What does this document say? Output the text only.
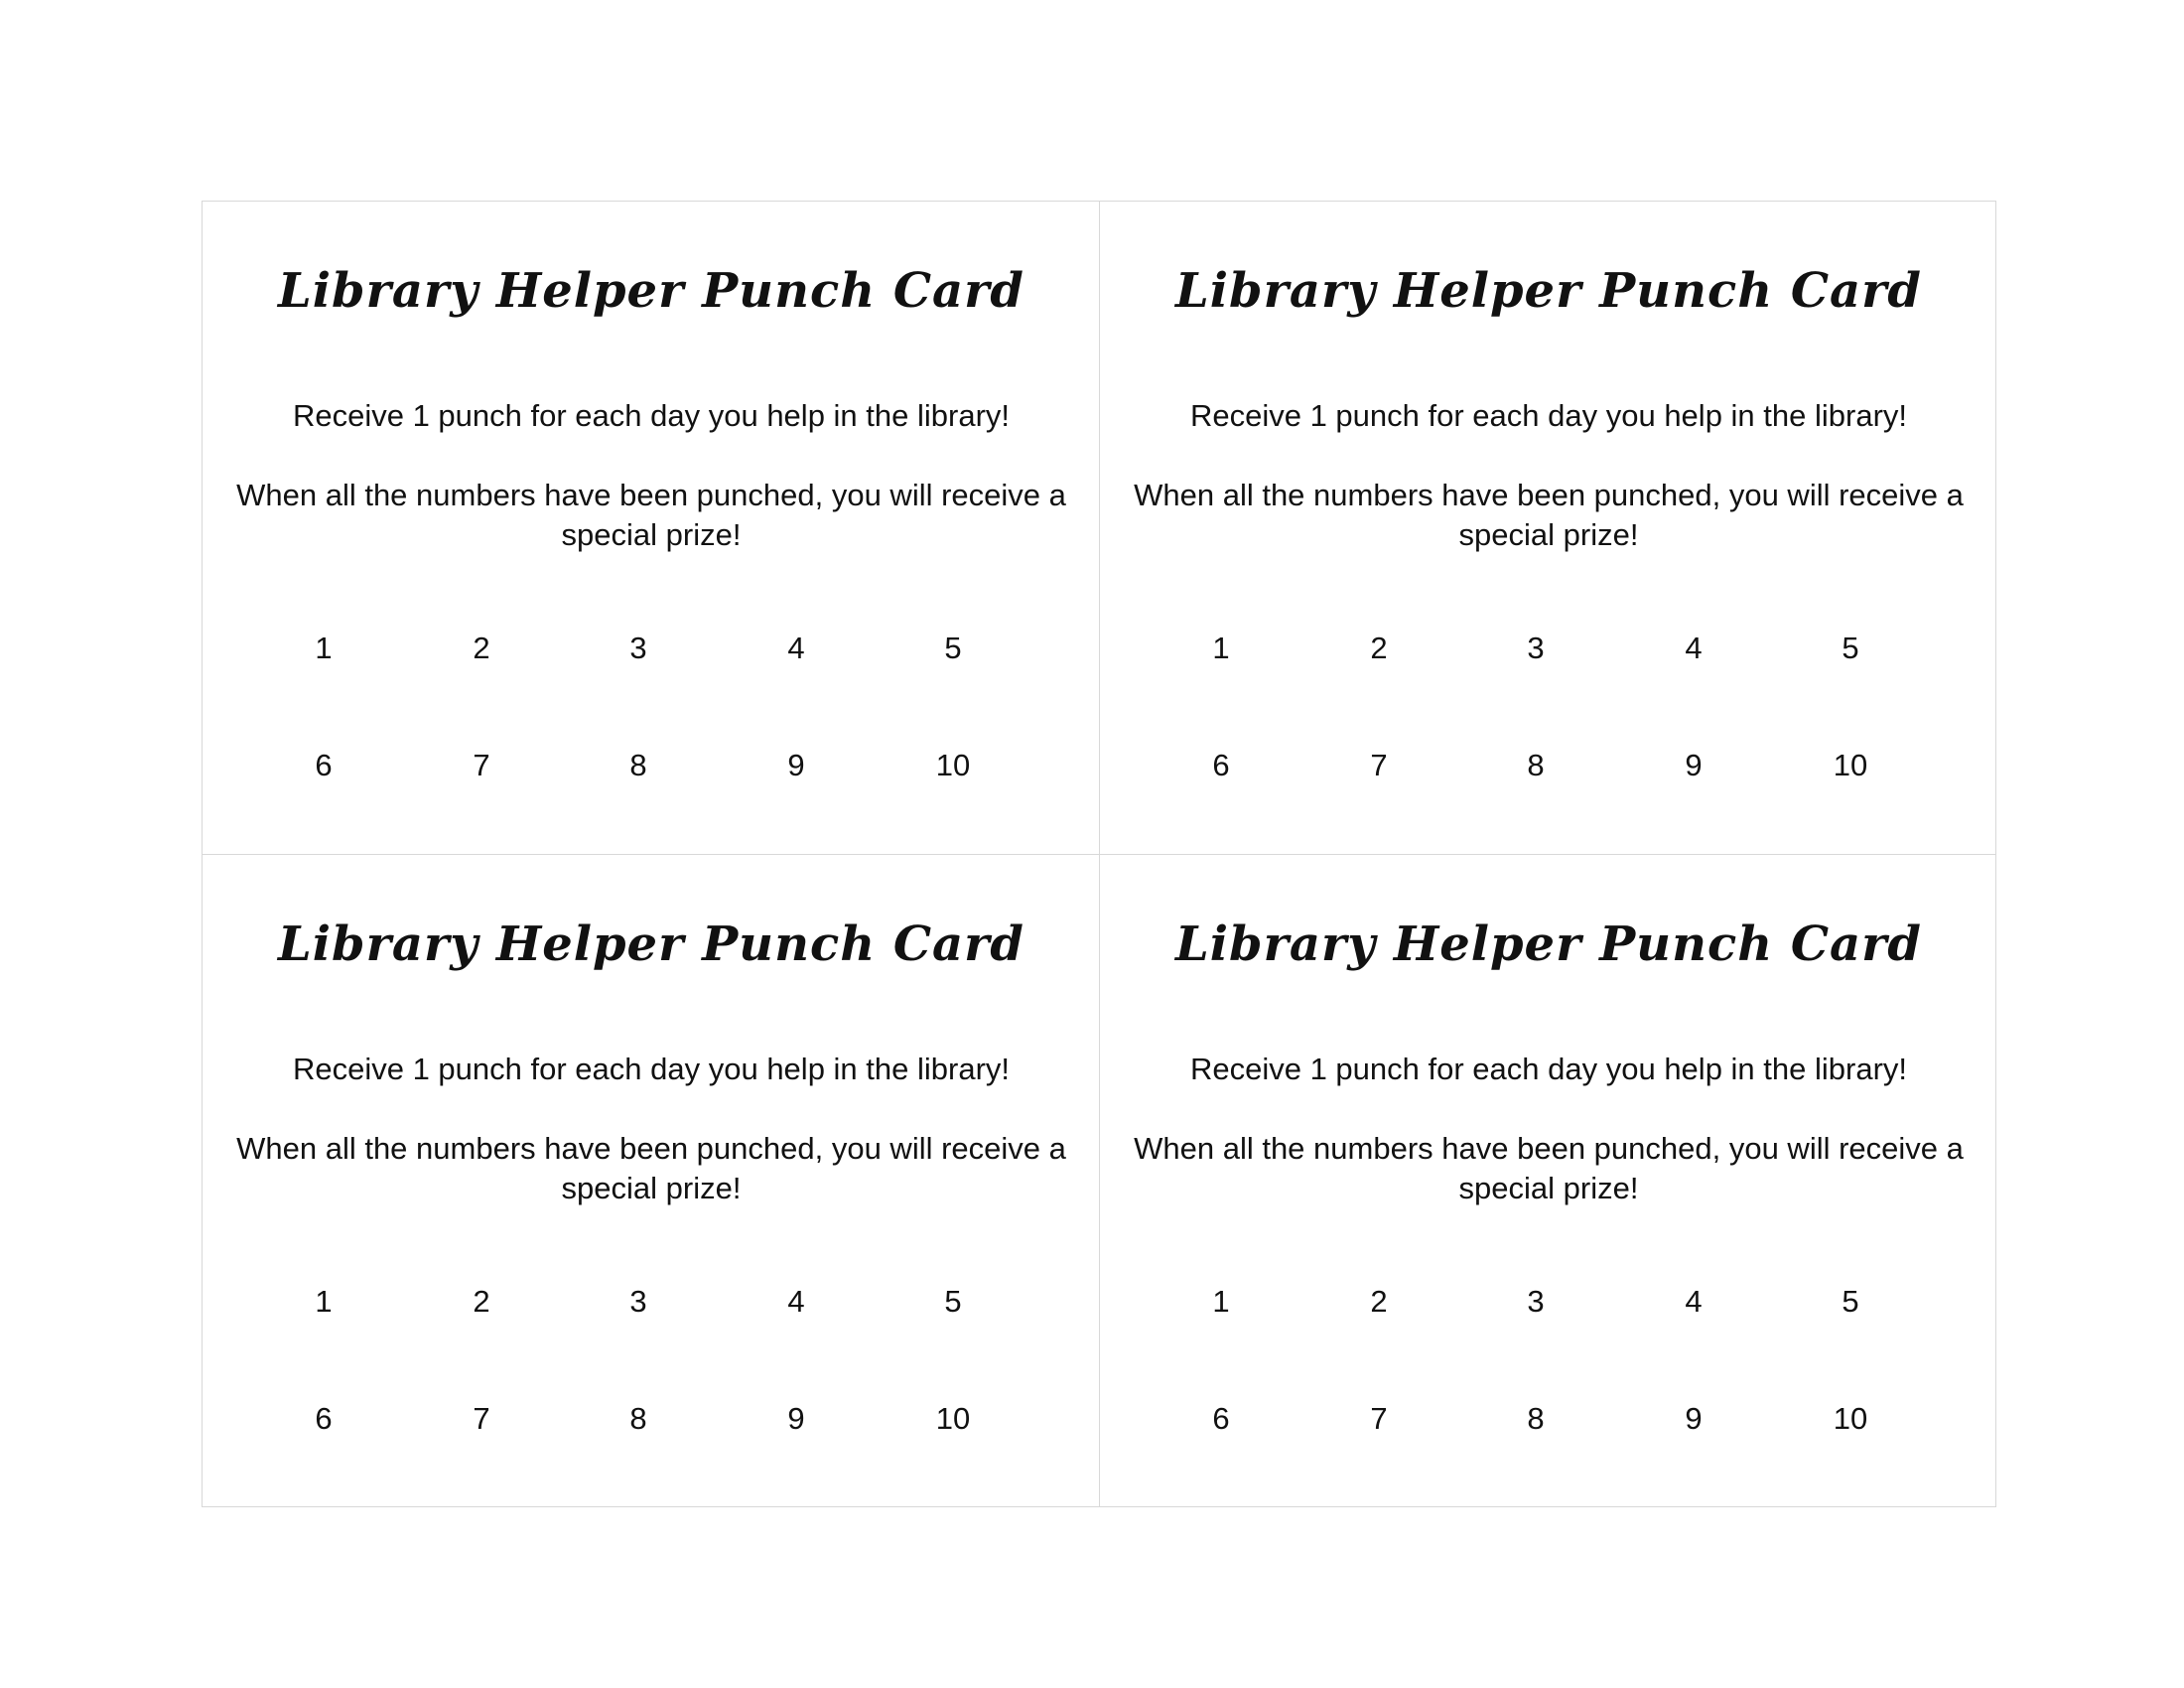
Library Helper Punch Card
Receive 1 punch for each day you help in the library!
When all the numbers have been punched, you will receive a special prize!
1	2	3	4	5
6	7	8	9	10
Library Helper Punch Card
Receive 1 punch for each day you help in the library!
When all the numbers have been punched, you will receive a special prize!
1	2	3	4	5
6	7	8	9	10
Library Helper Punch Card
Receive 1 punch for each day you help in the library!
When all the numbers have been punched, you will receive a special prize!
1	2	3	4	5
6	7	8	9	10
Library Helper Punch Card
Receive 1 punch for each day you help in the library!
When all the numbers have been punched, you will receive a special prize!
1	2	3	4	5
6	7	8	9	10
